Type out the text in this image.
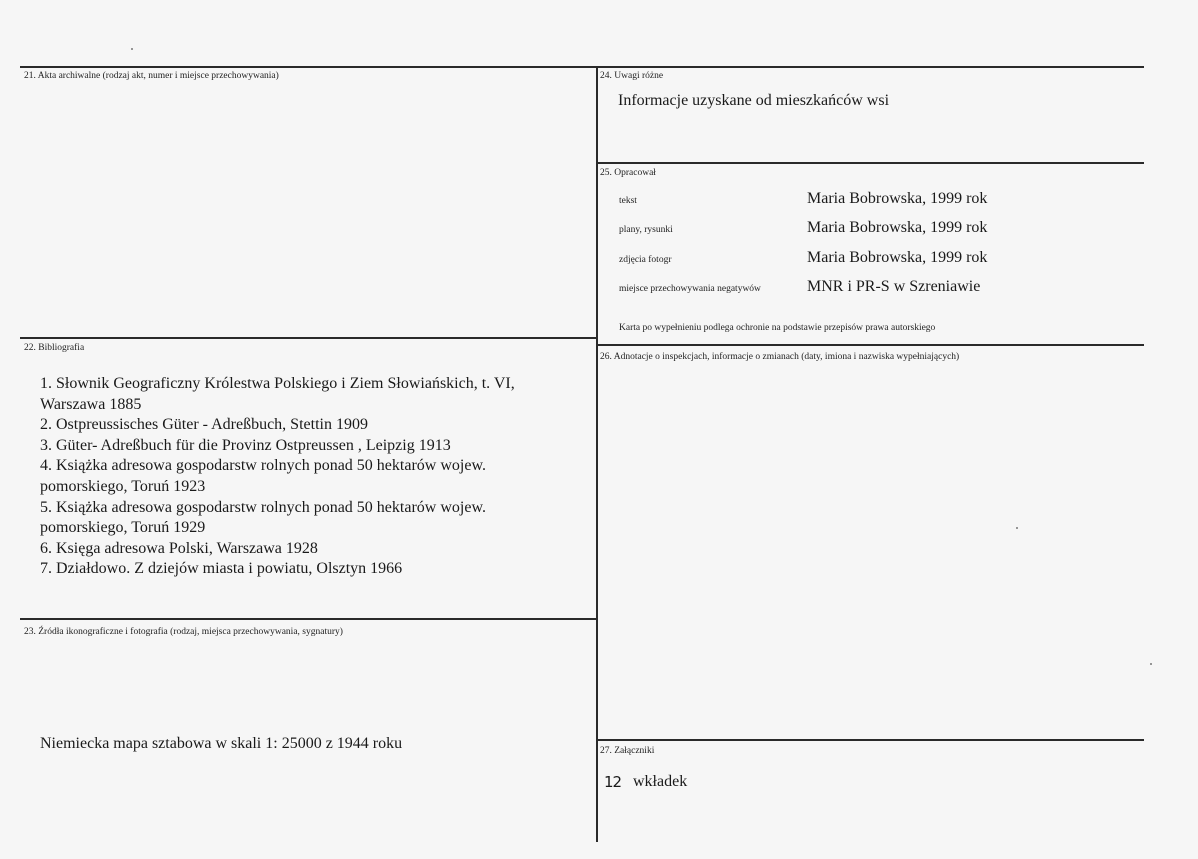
21. Akta archiwalne (rodzaj akt, numer i miejsce przechowywania)
22. Bibliografia
1. Słownik Geograficzny Królestwa Polskiego i Ziem Słowiańskich, t. VI,
Warszawa 1885
2. Ostpreussisches Güter - Adreßbuch, Stettin 1909
3. Güter- Adreßbuch für die Provinz Ostpreussen , Leipzig 1913
4. Książka adresowa gospodarstw rolnych ponad 50 hektarów wojew.
pomorskiego, Toruń 1923
5. Książka adresowa gospodarstw rolnych ponad 50 hektarów wojew.
pomorskiego, Toruń 1929
6. Księga adresowa Polski, Warszawa 1928
7. Działdowo. Z dziejów miasta i powiatu, Olsztyn 1966
23. Źródła ikonograficzne i fotografia (rodzaj, miejsca przechowywania, sygnatury)
Niemiecka mapa sztabowa w skali 1: 25000 z 1944 roku
24. Uwagi różne
Informacje uzyskane od mieszkańców wsi
25. Opracował
tekst	Maria Bobrowska, 1999 rok
plany, rysunki	Maria Bobrowska, 1999 rok
zdjęcia fotogr	Maria Bobrowska, 1999 rok
miejsce przechowywania negatywów	MNR i PR-S w Szreniawie
Karta po wypełnieniu podlega ochronie na podstawie przepisów prawa autorskiego
26. Adnotacje o inspekcjach, informacje o zmianach (daty, imiona i nazwiska wypełniających)
27. Załączniki
12 wkładek
